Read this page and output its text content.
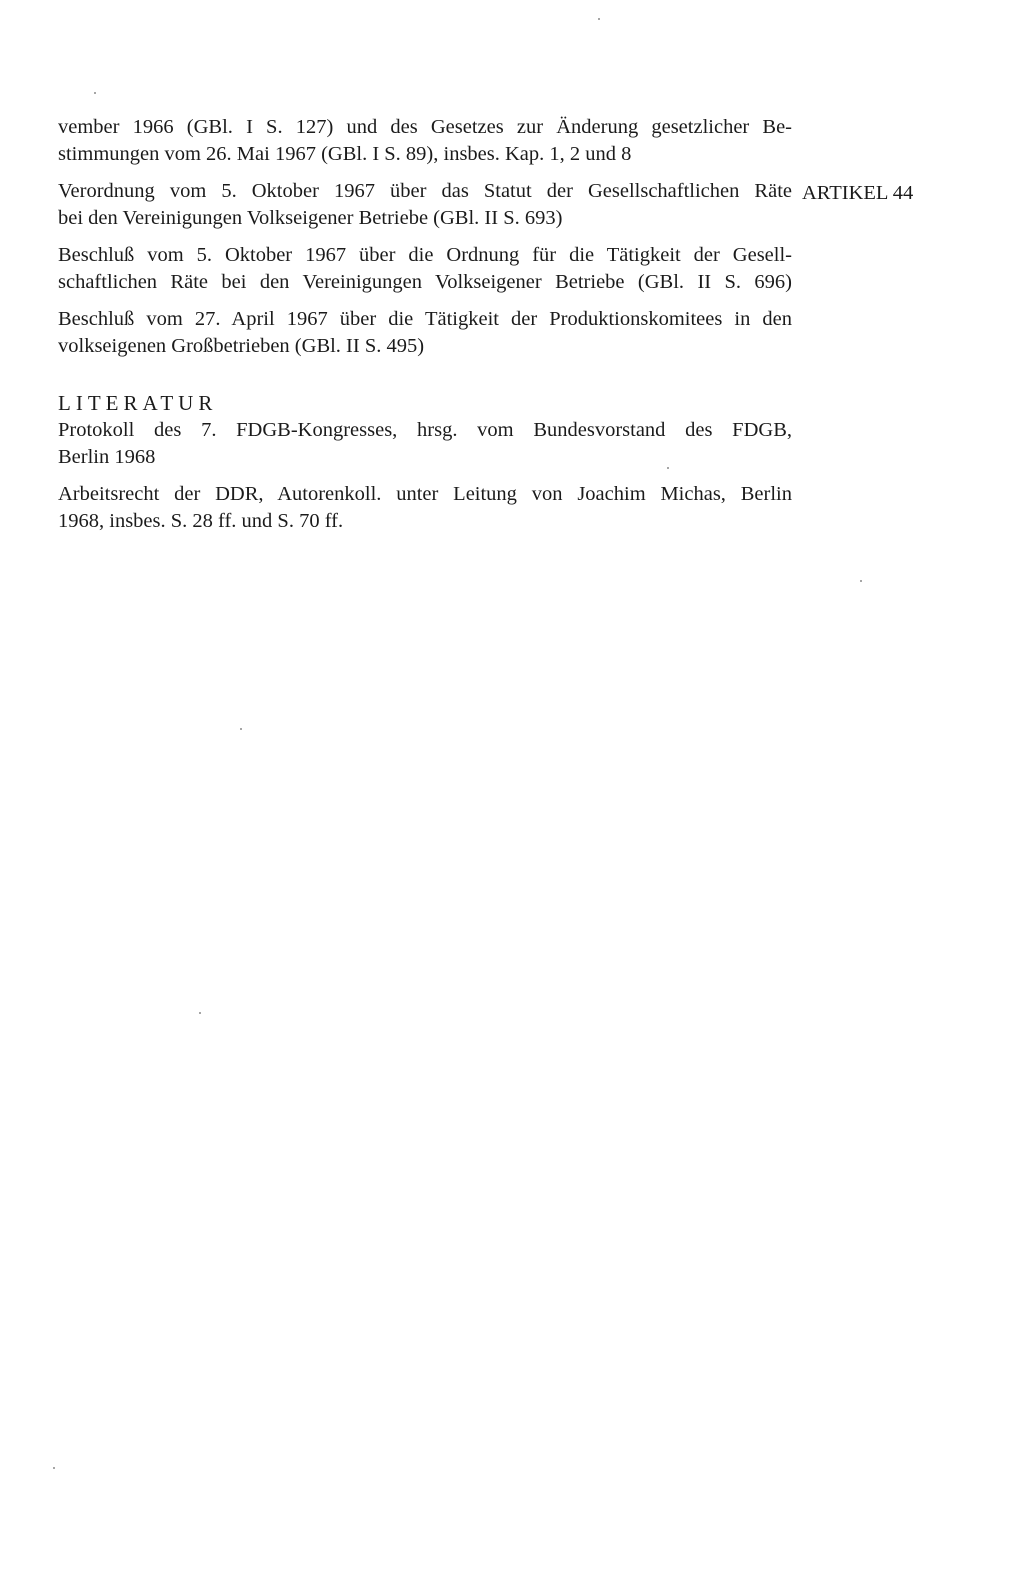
vember 1966 (GBl. I S. 127) und des Gesetzes zur Änderung gesetzlicher Be-
stimmungen vom 26. Mai 1967 (GBl. I S. 89), insbes. Kap. 1, 2 und 8

Verordnung vom 5. Oktober 1967 über das Statut der Gesellschaftlichen Räte
bei den Vereinigungen Volkseigener Betriebe (GBl. II S. 693)

Beschluß vom 5. Oktober 1967 über die Ordnung für die Tätigkeit der Gesell-
schaftlichen Räte bei den Vereinigungen Volkseigener Betriebe (GBl. II S. 696)

Beschluß vom 27. April 1967 über die Tätigkeit der Produktionskomitees in den
volkseigenen Großbetrieben (GBl. II S. 495)

LITERATUR

Protokoll des 7. FDGB-Kongresses, hrsg. vom Bundesvorstand des FDGB,
Berlin 1968

Arbeitsrecht der DDR, Autorenkoll. unter Leitung von Joachim Michas, Berlin
1968, insbes. S. 28 ff. und S. 70 ff.

ARTIKEL 44
